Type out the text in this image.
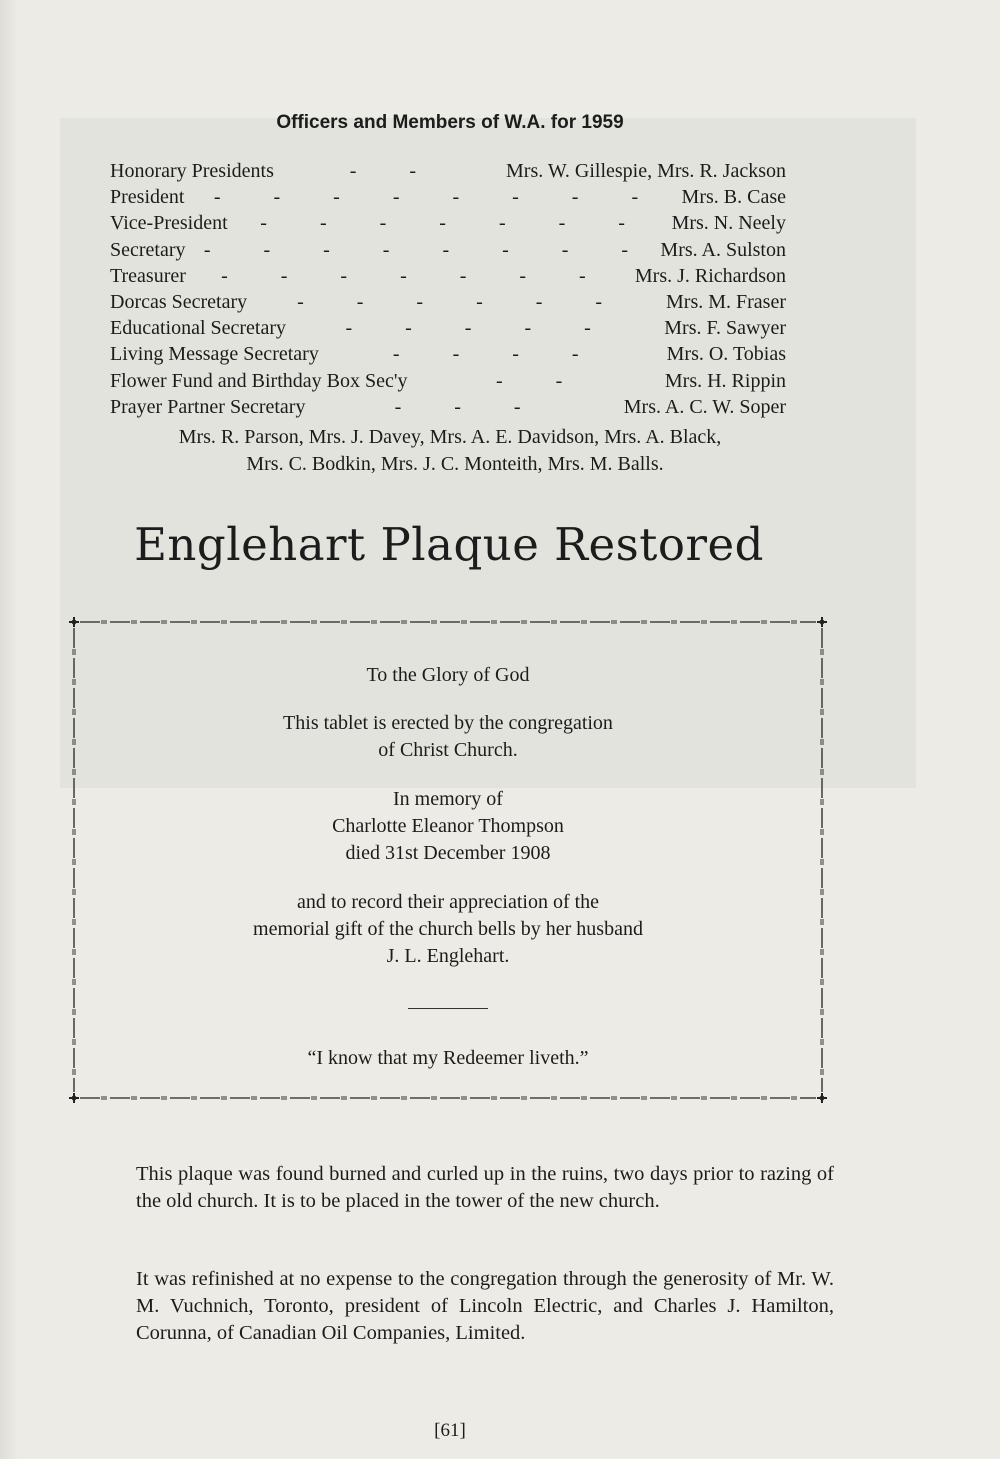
Officers and Members of W.A. for 1959
Honorary Presidents	- -	Mrs. W. Gillespie, Mrs. R. Jackson
President	- - - - - - - - Mrs. B. Case
Vice-President	- - - - - - -	Mrs. N. Neely
Secretary - - - - - - - - Mrs. A. Sulston
Treasurer	- - - - - - -	Mrs. J. Richardson
Dorcas Secretary	- - - - - -	Mrs. M. Fraser
Educational Secretary	- - - - -	Mrs. F. Sawyer
Living Message Secretary	- - - -	Mrs. O. Tobias
Flower Fund and Birthday Box Sec'y	- -	Mrs. H. Rippin
Prayer Partner Secretary	- - -	Mrs. A. C. W. Soper
Mrs. R. Parson, Mrs. J. Davey, Mrs. A. E. Davidson, Mrs. A. Black,
Mrs. C. Bodkin, Mrs. J. C. Monteith, Mrs. M. Balls.
Englehart Plaque Restored
To the Glory of God
This tablet is erected by the congregation
of Christ Church.
In memory of
Charlotte Eleanor Thompson
died 31st December 1908
and to record their appreciation of the
memorial gift of the church bells by her husband
J. L. Englehart.
“I know that my Redeemer liveth.”
This plaque was found burned and curled up in the ruins, two days prior to razing of the old church. It is to be placed in the tower of the new church.
It was refinished at no expense to the congregation through the generosity of Mr. W. M. Vuchnich, Toronto, president of Lincoln Electric, and Charles J. Hamilton, Corunna, of Canadian Oil Companies, Limited.
[61]
